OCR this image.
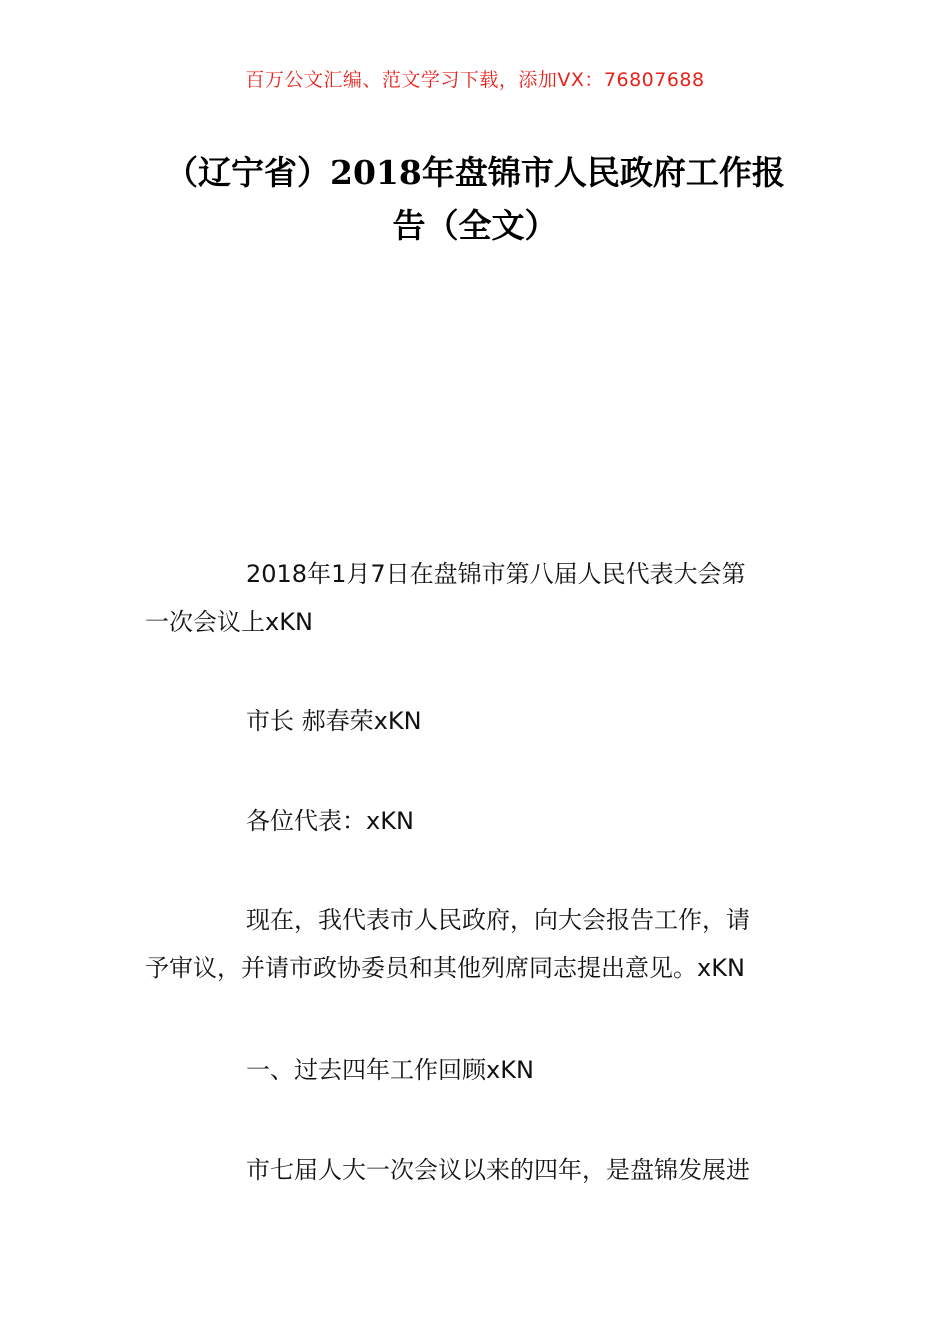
百万公文汇编、范文学习下载，添加VX：76807688
（辽宁省）2018年盘锦市人民政府工作报
告（全文）
2018年1月7日在盘锦市第八届人民代表大会第
一次会议上xKN
市长 郝春荣xKN
各位代表：xKN
现在，我代表市人民政府，向大会报告工作，请
予审议，并请市政协委员和其他列席同志提出意见。xKN
一、过去四年工作回顾xKN
市七届人大一次会议以来的四年，是盘锦发展进
